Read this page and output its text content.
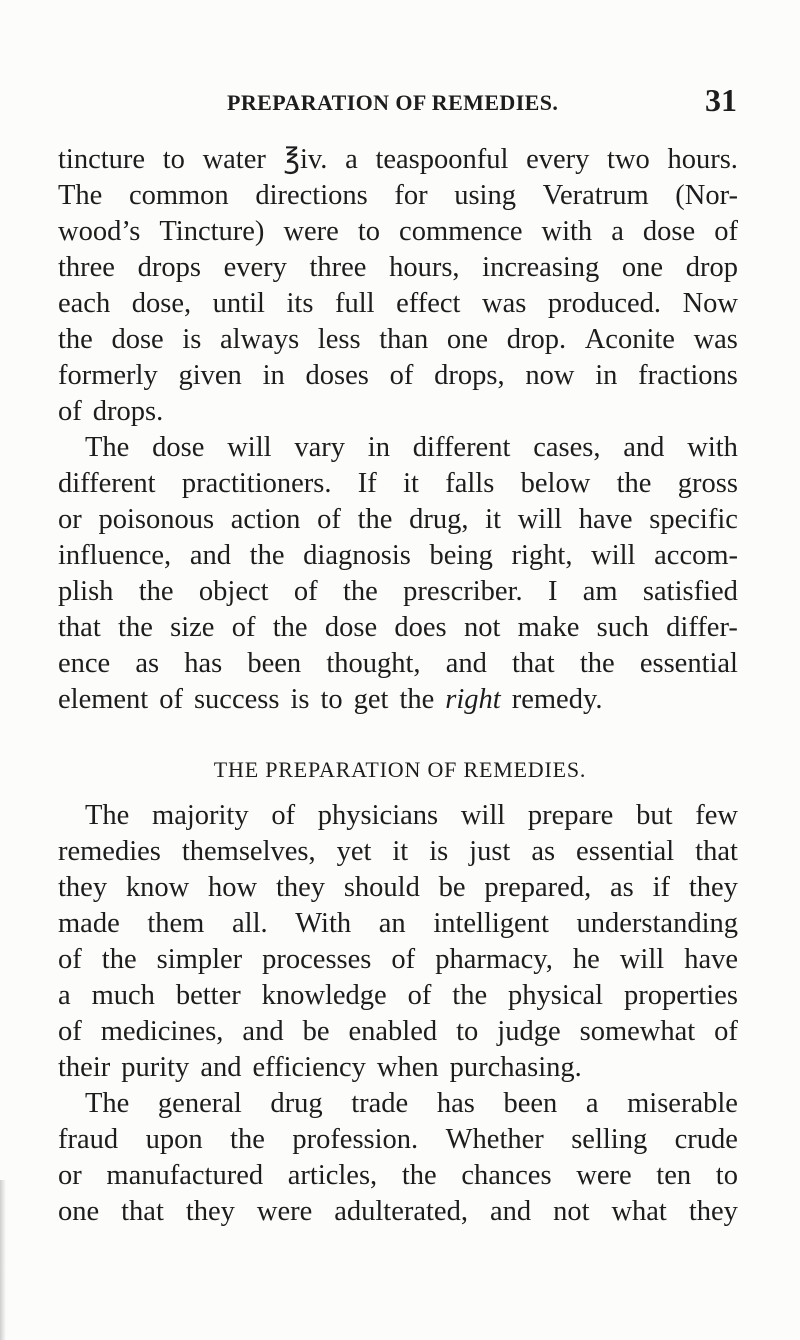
PREPARATION OF REMEDIES.	31
tincture to water ℥iv. a teaspoonful every two hours.
The common directions for using Veratrum (Nor-
wood’s Tincture) were to commence with a dose of
three drops every three hours, increasing one drop
each dose, until its full effect was produced. Now
the dose is always less than one drop. Aconite was
formerly given in doses of drops, now in fractions
of drops.
The dose will vary in different cases, and with
different practitioners. If it falls below the gross
or poisonous action of the drug, it will have specific
influence, and the diagnosis being right, will accom-
plish the object of the prescriber. I am satisfied
that the size of the dose does not make such differ-
ence as has been thought, and that the essential
element of success is to get the right remedy.
The majority of physicians will prepare but few
remedies themselves, yet it is just as essential that
they know how they should be prepared, as if they
made them all. With an intelligent understanding
of the simpler processes of pharmacy, he will have
a much better knowledge of the physical properties
of medicines, and be enabled to judge somewhat of
their purity and efficiency when purchasing.
The general drug trade has been a miserable
fraud upon the profession. Whether selling crude
or manufactured articles, the chances were ten to
one that they were adulterated, and not what they
THE PREPARATION OF REMEDIES.
